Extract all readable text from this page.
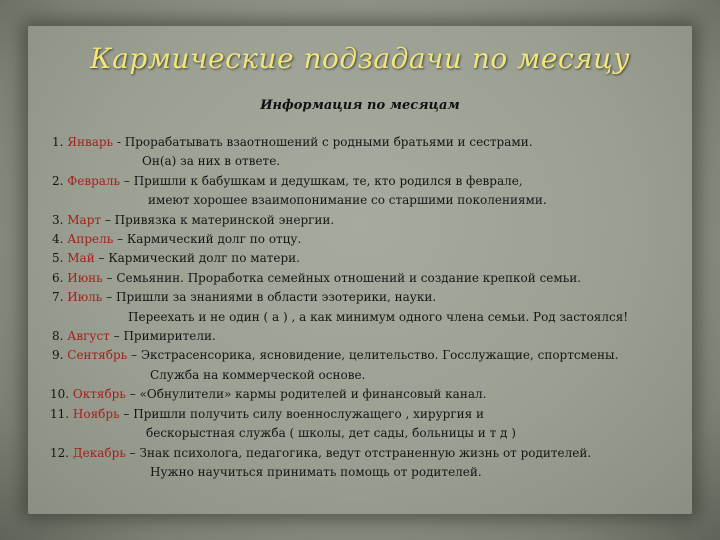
Кармические подзадачи по месяцу
Информация по месяцам
1. Январь - Прорабатывать взаотношений с родными братьями и сестрами.
Он(а) за них в ответе.
2. Февраль – Пришли к бабушкам и дедушкам, те, кто родился в феврале,
имеют хорошее взаимопонимание со старшими поколениями.
3. Март – Привязка к материнской энергии.
4. Апрель – Кармический долг по отцу.
5. Май – Кармический долг по матери.
6. Июнь – Семьянин. Проработка семейных отношений и создание крепкой семьи.
7. Июль – Пришли за знаниями в области эзотерики, науки.
Переехать и не один ( а ) , а как минимум одного члена семьи. Род застоялся!
8. Август – Примирители.
9. Сентябрь – Экстрасенсорика, ясновидение, целительство. Госслужащие, спортсмены.
Служба на коммерческой основе.
10. Октябрь – «Обнулители» кармы родителей и финансовый канал.
11. Ноябрь – Пришли получить силу военнослужащего , хирургия и
бескорыстная служба ( школы, дет сады, больницы и т д )
12. Декабрь – Знак психолога, педагогика, ведут отстраненную жизнь от родителей.
Нужно научиться принимать помощь от родителей.
